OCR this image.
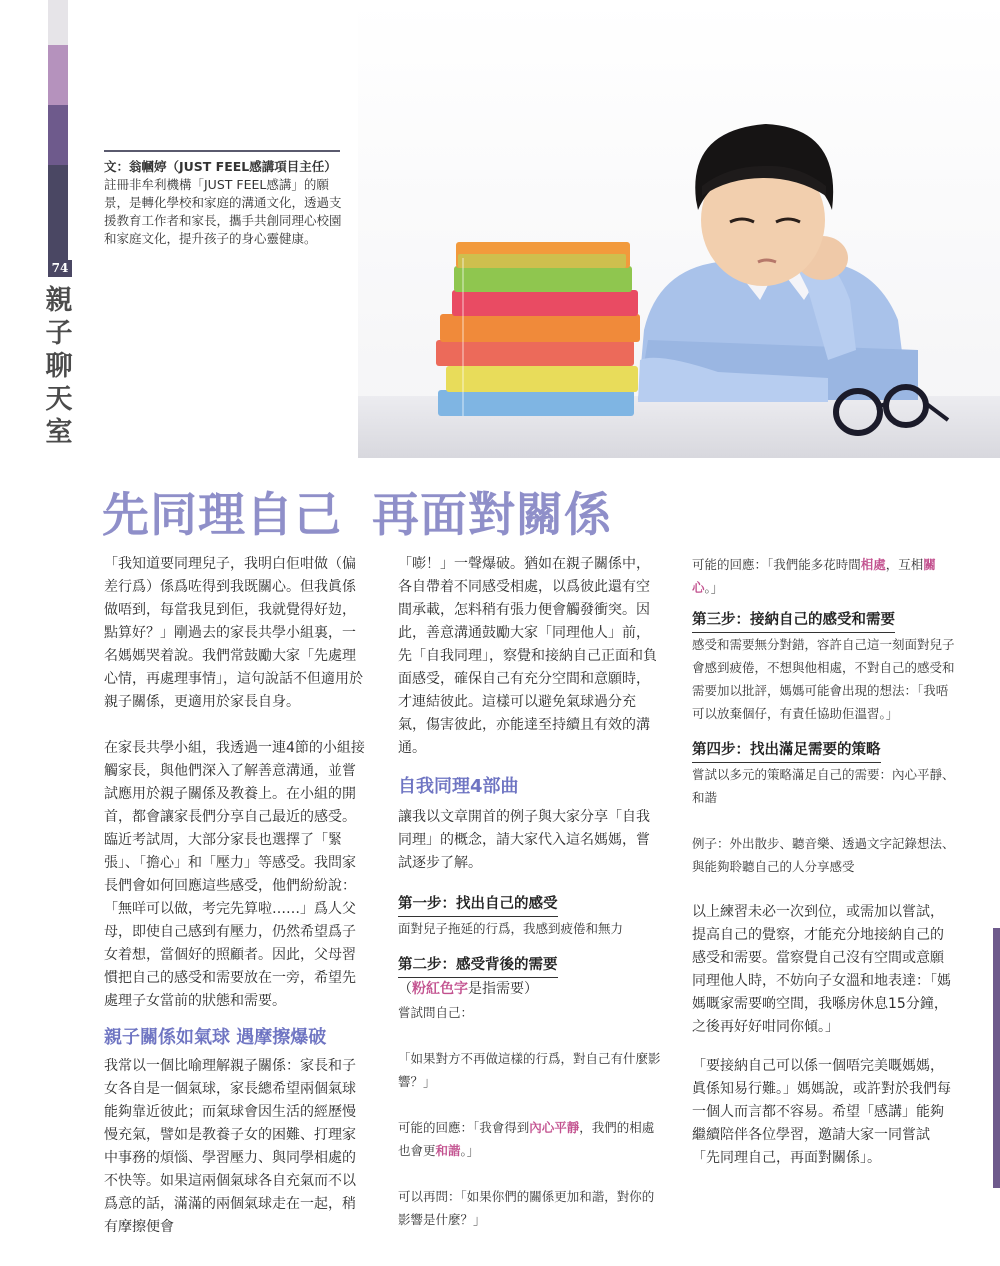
74
親
子
聊
天
室
文：翁幗婷（JUST FEEL感講項目主任）
註冊非牟利機構「JUST FEEL感講」的願景，是轉化學校和家庭的溝通文化，透過支援教育工作者和家長，攜手共創同理心校園和家庭文化，提升孩子的身心靈健康。
先同理自己 再面對關係

「我知道要同理兒子，我明白佢咁做（偏差行爲）係爲咗得到我既關心。但我眞係做唔到，每當我見到佢，我就覺得好攰，點算好？」剛過去的家長共學小組裏，一名媽媽哭着說。我們常鼓勵大家「先處理心情，再處理事情」，這句說話不但適用於親子關係，更適用於家長自身。

在家長共學小組，我透過一連4節的小組接觸家長，與他們深入了解善意溝通，並嘗試應用於親子關係及教養上。在小組的開首，都會讓家長們分享自己最近的感受。臨近考試周，大部分家長也選擇了「緊張」、「擔心」和「壓力」等感受。我問家長們會如何回應這些感受，他們紛紛說：「無咩可以做，考完先算啦……」爲人父母，即使自己感到有壓力，仍然希望爲子女着想，當個好的照顧者。因此，父母習慣把自己的感受和需要放在一旁，希望先處理子女當前的狀態和需要。

親子關係如氣球 遇摩擦爆破

我常以一個比喻理解親子關係：家長和子女各自是一個氣球，家長總希望兩個氣球能夠靠近彼此；而氣球會因生活的經歷慢慢充氣，譬如是教養子女的困難、打理家中事務的煩惱、學習壓力、與同學相處的不快等。如果這兩個氣球各自充氣而不以爲意的話，滿滿的兩個氣球走在一起，稍有摩擦便會

「嘭！」一聲爆破。猶如在親子關係中，各自帶着不同感受相處，以爲彼此還有空間承載，怎料稍有張力便會觸發衝突。因此，善意溝通鼓勵大家「同理他人」前，先「自我同理」，察覺和接納自己正面和負面感受，確保自己有充分空間和意願時，才連結彼此。這樣可以避免氣球過分充氣，傷害彼此，亦能達至持續且有效的溝通。

自我同理4部曲

讓我以文章開首的例子與大家分享「自我同理」的概念，請大家代入這名媽媽，嘗試逐步了解。

第一步：找出自己的感受

面對兒子拖延的行爲，我感到疲倦和無力

第二步：感受背後的需要

（粉紅色字是指需要）

嘗試問自己：

「如果對方不再做這樣的行爲，對自己有什麼影響？」

可能的回應：「我會得到內心平靜，我們的相處也會更和諧。」

可以再問：「如果你們的關係更加和諧，對你的影響是什麼？」

可能的回應：「我們能多花時間相處，互相關心。」

第三步：接納自己的感受和需要

感受和需要無分對錯，容許自己這一刻面對兒子會感到疲倦，不想與他相處，不對自己的感受和需要加以批評，媽媽可能會出現的想法：「我唔可以放棄個仔，有責任協助佢溫習。」

第四步：找出滿足需要的策略

嘗試以多元的策略滿足自己的需要：內心平靜、和諧

例子：外出散步、聽音樂、透過文字記錄想法、與能夠聆聽自己的人分享感受

以上練習未必一次到位，或需加以嘗試，提高自己的覺察，才能充分地接納自己的感受和需要。當察覺自己沒有空間或意願同理他人時，不妨向子女溫和地表達：「媽媽嘅家需要啲空間，我喺房休息15分鐘，之後再好好咁同你傾。」

「要接納自己可以係一個唔完美嘅媽媽，眞係知易行難。」媽媽說，或許對於我們每一個人而言都不容易。希望「感講」能夠繼續陪伴各位學習，邀請大家一同嘗試「先同理自己，再面對關係」。
